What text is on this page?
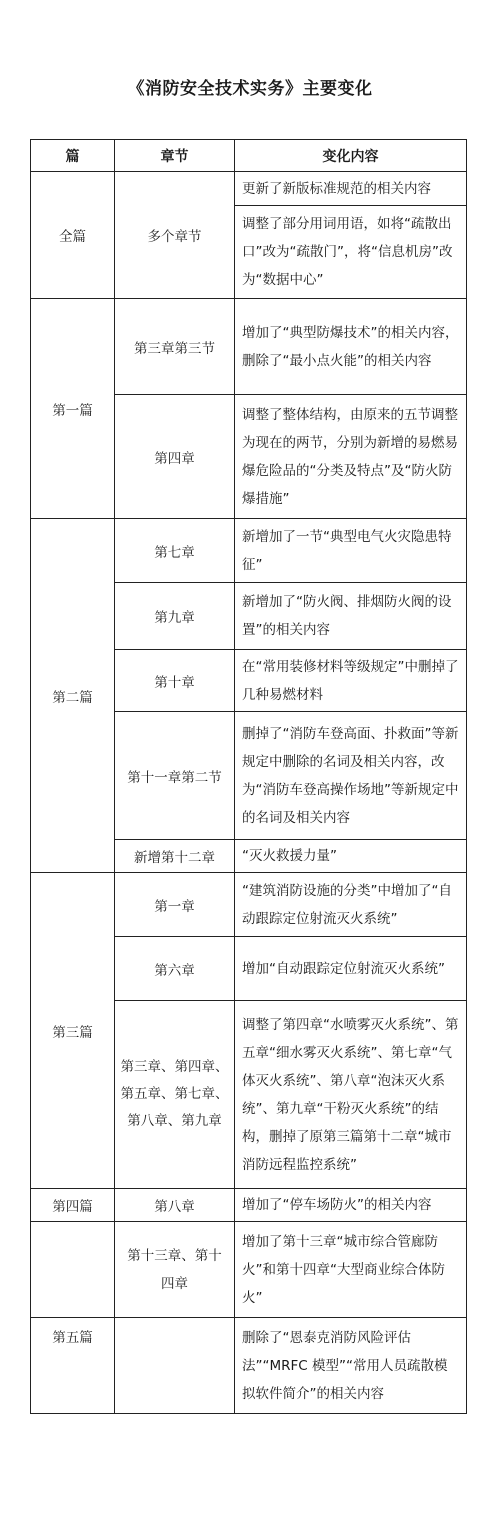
《消防安全技术实务》主要变化
篇	章节	变化内容
全篇	多个章节	更新了新版标准规范的相关内容
		调整了部分用词用语，如将“疏散出口”改为“疏散门”，将“信息机房”改为“数据中心”
第一篇	第三章第三节	增加了“典型防爆技术”的相关内容，删除了“最小点火能”的相关内容
	第四章	调整了整体结构，由原来的五节调整为现在的两节，分别为新增的易燃易爆危险品的“分类及特点”及“防火防爆措施”
第二篇	第七章	新增加了一节“典型电气火灾隐患特征”
	第九章	新增加了“防火阀、排烟防火阀的设置”的相关内容
	第十章	在“常用装修材料等级规定”中删掉了几种易燃材料
	第十一章第二节	删掉了“消防车登高面、扑救面”等新规定中删除的名词及相关内容，改为“消防车登高操作场地”等新规定中的名词及相关内容
	新增第十二章	“灭火救援力量”
第三篇	第一章	“建筑消防设施的分类”中增加了“自动跟踪定位射流灭火系统”
	第六章	增加“自动跟踪定位射流灭火系统”
	第三章、第四章、第五章、第七章、第八章、第九章	调整了第四章“水喷雾灭火系统”、第五章“细水雾灭火系统”、第七章“气体灭火系统”、第八章“泡沫灭火系统”、第九章“干粉灭火系统”的结构，删掉了原第三篇第十二章“城市消防远程监控系统”
第四篇	第八章	增加了“停车场防火”的相关内容
	第十三章、第十四章	增加了第十三章“城市综合管廊防火”和第十四章“大型商业综合体防火”
第五篇		删除了“恩泰克消防风险评估法”“MRFC 模型”“常用人员疏散模拟软件简介”的相关内容
